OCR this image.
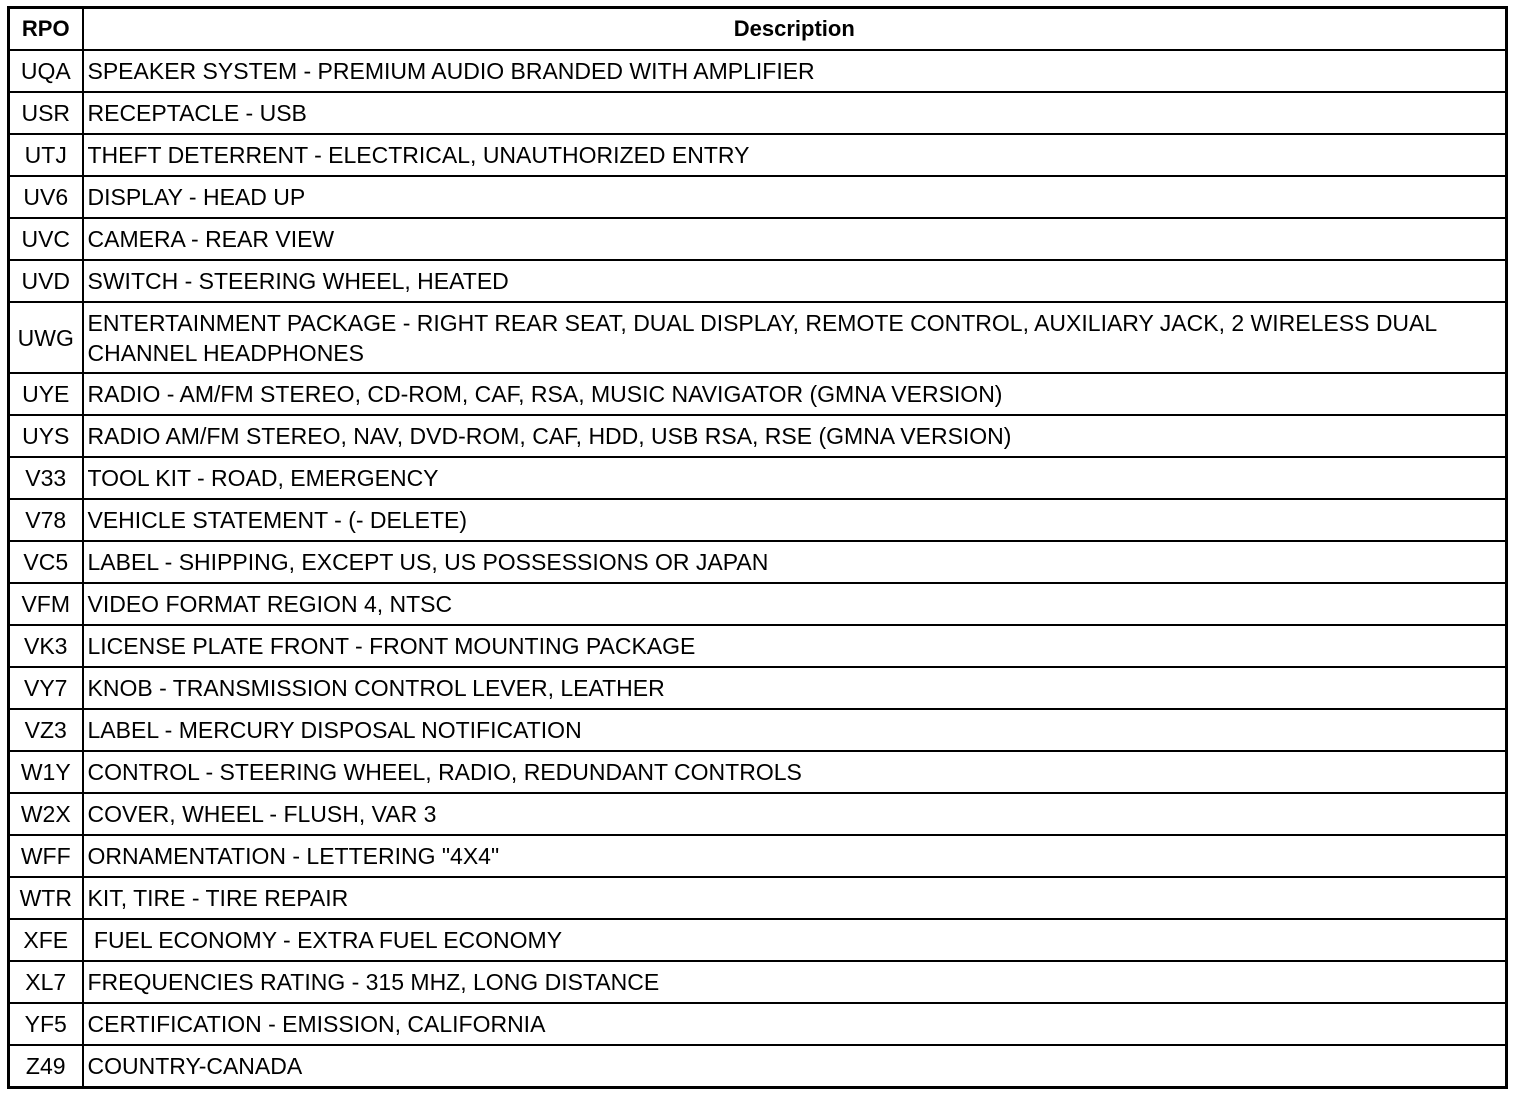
RPO	Description
UQA	SPEAKER SYSTEM - PREMIUM AUDIO BRANDED WITH AMPLIFIER
USR	RECEPTACLE - USB
UTJ	THEFT DETERRENT - ELECTRICAL, UNAUTHORIZED ENTRY
UV6	DISPLAY - HEAD UP
UVC	CAMERA - REAR VIEW
UVD	SWITCH - STEERING WHEEL, HEATED
UWG	ENTERTAINMENT PACKAGE - RIGHT REAR SEAT, DUAL DISPLAY, REMOTE CONTROL, AUXILIARY JACK, 2 WIRELESS DUAL CHANNEL HEADPHONES
UYE	RADIO - AM/FM STEREO, CD-ROM, CAF, RSA, MUSIC NAVIGATOR (GMNA VERSION)
UYS	RADIO AM/FM STEREO, NAV, DVD-ROM, CAF, HDD, USB RSA, RSE (GMNA VERSION)
V33	TOOL KIT - ROAD, EMERGENCY
V78	VEHICLE STATEMENT - (- DELETE)
VC5	LABEL - SHIPPING, EXCEPT US, US POSSESSIONS OR JAPAN
VFM	VIDEO FORMAT REGION 4, NTSC
VK3	LICENSE PLATE FRONT - FRONT MOUNTING PACKAGE
VY7	KNOB - TRANSMISSION CONTROL LEVER, LEATHER
VZ3	LABEL - MERCURY DISPOSAL NOTIFICATION
W1Y	CONTROL - STEERING WHEEL, RADIO, REDUNDANT CONTROLS
W2X	COVER, WHEEL - FLUSH, VAR 3
WFF	ORNAMENTATION - LETTERING "4X4"
WTR	KIT, TIRE - TIRE REPAIR
XFE	FUEL ECONOMY - EXTRA FUEL ECONOMY
XL7	FREQUENCIES RATING - 315 MHZ, LONG DISTANCE
YF5	CERTIFICATION - EMISSION, CALIFORNIA
Z49	COUNTRY-CANADA
